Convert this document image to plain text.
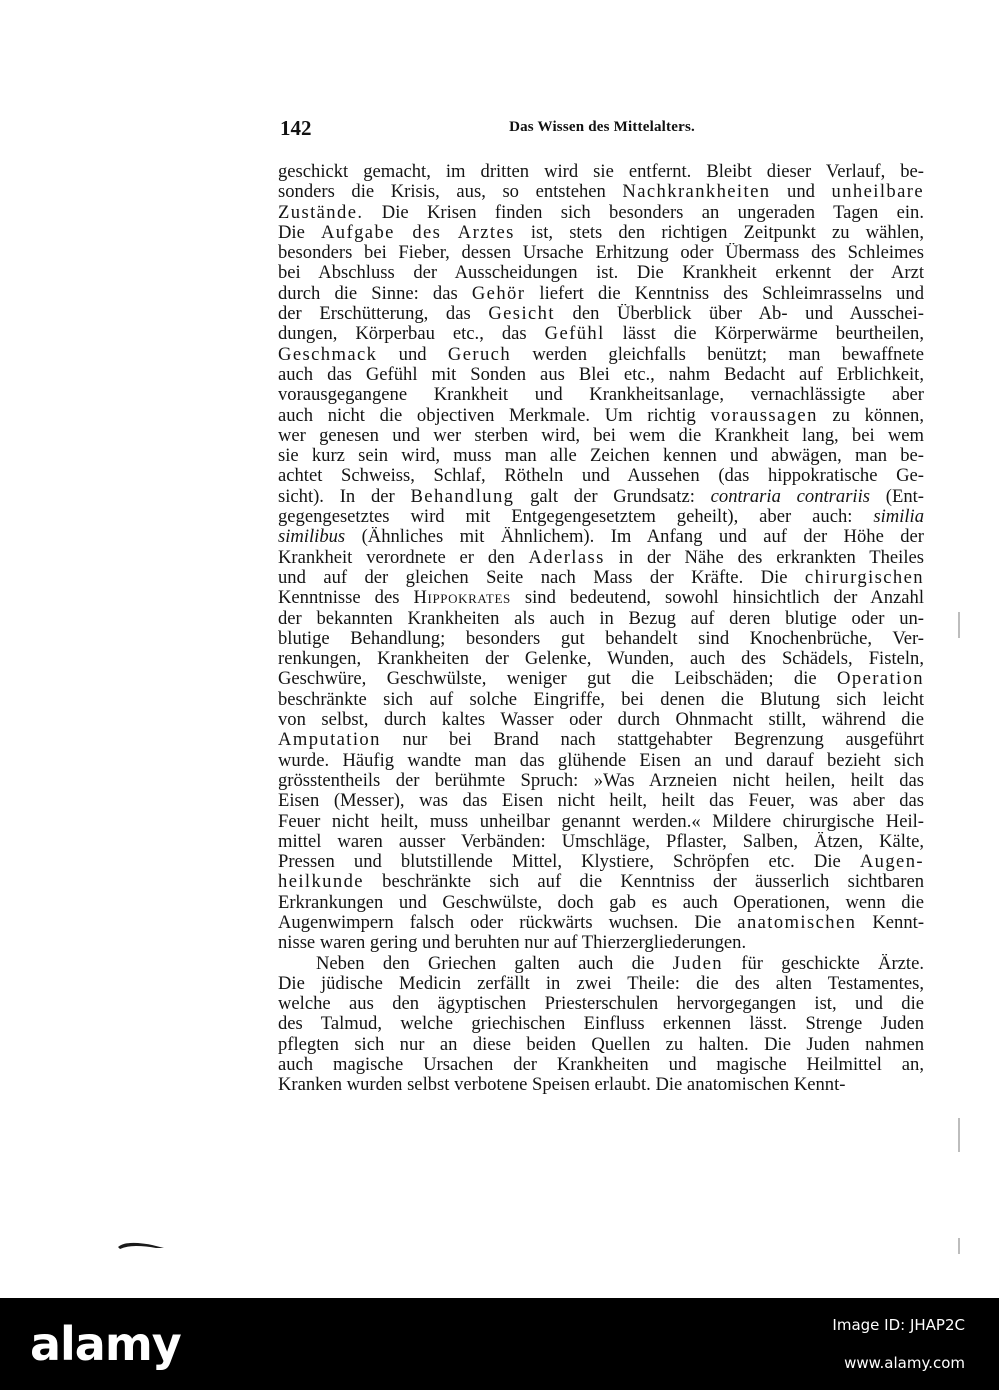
142	Das Wissen des Mittelalters.
geschickt gemacht, im dritten wird sie entfernt. Bleibt dieser Verlauf, be-
sonders die Krisis, aus, so entstehen Nachkrankheiten und unheilbare
Zustände. Die Krisen finden sich besonders an ungeraden Tagen ein.
Die Aufgabe des Arztes ist, stets den richtigen Zeitpunkt zu wählen,
besonders bei Fieber, dessen Ursache Erhitzung oder Übermass des Schleimes
bei Abschluss der Ausscheidungen ist. Die Krankheit erkennt der Arzt
durch die Sinne: das Gehör liefert die Kenntniss des Schleimrasselns und
der Erschütterung, das Gesicht den Überblick über Ab- und Ausschei-
dungen, Körperbau etc., das Gefühl lässt die Körperwärme beurtheilen,
Geschmack und Geruch werden gleichfalls benützt; man bewaffnete
auch das Gefühl mit Sonden aus Blei etc., nahm Bedacht auf Erblichkeit,
vorausgegangene Krankheit und Krankheitsanlage, vernachlässigte aber
auch nicht die objectiven Merkmale. Um richtig voraussagen zu können,
wer genesen und wer sterben wird, bei wem die Krankheit lang, bei wem
sie kurz sein wird, muss man alle Zeichen kennen und abwägen, man be-
achtet Schweiss, Schlaf, Rötheln und Aussehen (das hippokratische Ge-
sicht). In der Behandlung galt der Grundsatz: contraria contrariis (Ent-
gegengesetztes wird mit Entgegengesetztem geheilt), aber auch: similia
similibus (Ähnliches mit Ähnlichem). Im Anfang und auf der Höhe der
Krankheit verordnete er den Aderlass in der Nähe des erkrankten Theiles
und auf der gleichen Seite nach Mass der Kräfte. Die chirurgischen
Kenntnisse des Hippokrates sind bedeutend, sowohl hinsichtlich der Anzahl
der bekannten Krankheiten als auch in Bezug auf deren blutige oder un-
blutige Behandlung; besonders gut behandelt sind Knochenbrüche, Ver-
renkungen, Krankheiten der Gelenke, Wunden, auch des Schädels, Fisteln,
Geschwüre, Geschwülste, weniger gut die Leibschäden; die Operation
beschränkte sich auf solche Eingriffe, bei denen die Blutung sich leicht
von selbst, durch kaltes Wasser oder durch Ohnmacht stillt, während die
Amputation nur bei Brand nach stattgehabter Begrenzung ausgeführt
wurde. Häufig wandte man das glühende Eisen an und darauf bezieht sich
grösstentheils der berühmte Spruch: »Was Arzneien nicht heilen, heilt das
Eisen (Messer), was das Eisen nicht heilt, heilt das Feuer, was aber das
Feuer nicht heilt, muss unheilbar genannt werden.« Mildere chirurgische Heil-
mittel waren ausser Verbänden: Umschläge, Pflaster, Salben, Ätzen, Kälte,
Pressen und blutstillende Mittel, Klystiere, Schröpfen etc. Die Augen-
heilkunde beschränkte sich auf die Kenntniss der äusserlich sichtbaren
Erkrankungen und Geschwülste, doch gab es auch Operationen, wenn die
Augenwimpern falsch oder rückwärts wuchsen. Die anatomischen Kennt-
nisse waren gering und beruhten nur auf Thierzergliederungen.
Neben den Griechen galten auch die Juden für geschickte Ärzte.
Die jüdische Medicin zerfällt in zwei Theile: die des alten Testamentes,
welche aus den ägyptischen Priesterschulen hervorgegangen ist, und die
des Talmud, welche griechischen Einfluss erkennen lässt. Strenge Juden
pflegten sich nur an diese beiden Quellen zu halten. Die Juden nahmen
auch magische Ursachen der Krankheiten und magische Heilmittel an,
Kranken wurden selbst verbotene Speisen erlaubt. Die anatomischen Kennt-
alamy	Image ID: JHAP2C
www.alamy.com
